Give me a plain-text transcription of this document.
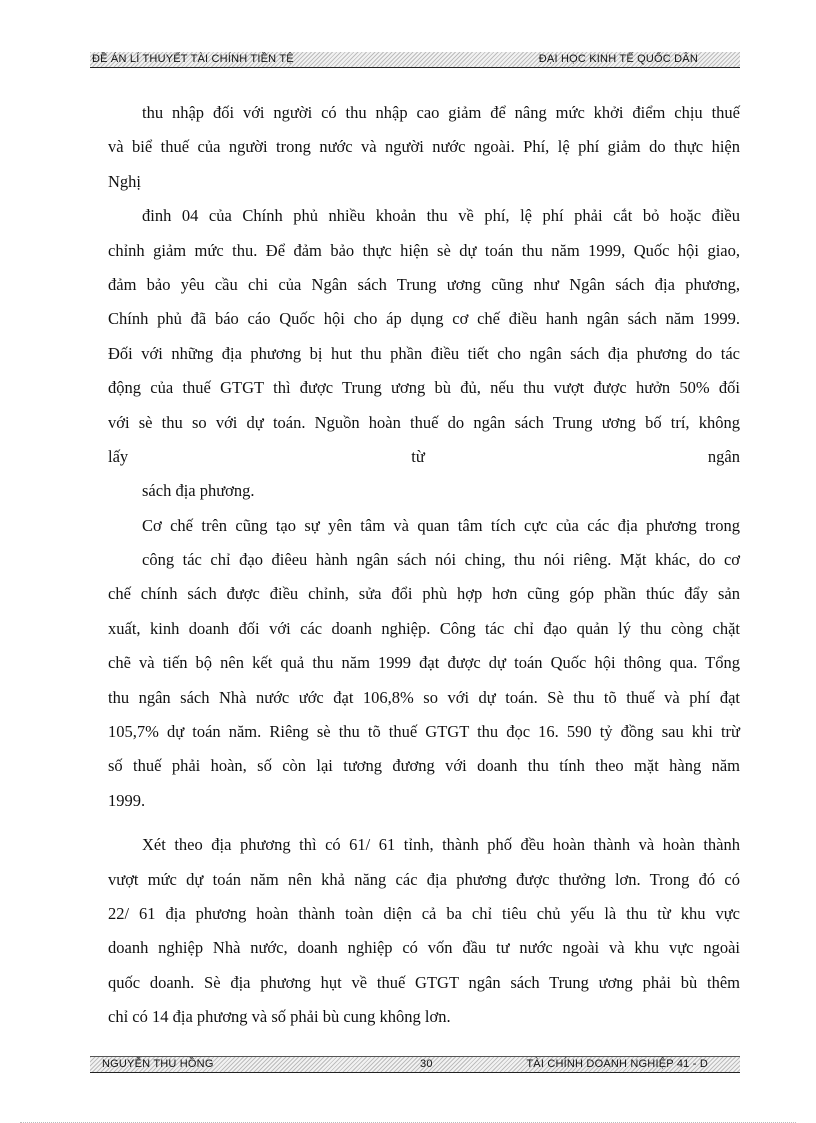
ĐỀ ÁN LÍ THUYẾT TÀI CHÍNH TIỀN TỆ	ĐẠI HỌC KINH TẾ QUỐC DÂN
thu nhập đối với người có thu nhập cao giảm để nâng mức khởi điểm chịu thuế
và biể thuế của người trong nước và người nước ngoài. Phí, lệ phí giảm do thực hiện
Nghị
đinh 04 của Chính phủ nhiều khoản thu về phí, lệ phí phải cắt bỏ hoặc điều
chỉnh giảm mức thu. Để đảm bảo thực hiện sè dự toán thu năm 1999, Quốc hội giao,
đảm bảo yêu cầu chi của Ngân sách Trung ương cũng như Ngân sách địa phương,
Chính phủ đã báo cáo Quốc hội cho áp dụng cơ chế điều hanh ngân sách năm 1999.
Đối với những địa phương bị hut thu phần điều tiết cho ngân sách địa phương do tác
động của thuế GTGT thì được Trung ương bù đủ, nếu thu vượt được hưởn 50% đối
với sè thu so với dự toán. Nguồn hoàn thuế do ngân sách Trung ương bố trí, không
lấy từ ngân
sách địa phương.
Cơ chế trên cũng tạo sự yên tâm và quan tâm tích cực của các địa phương trong
công tác chỉ đạo điêeu hành ngân sách nói ching, thu nói riêng. Mặt khác, do cơ
chế chính sách được điều chỉnh, sửa đổi phù hợp hơn cũng góp phần thúc đẩy sản
xuất, kinh doanh đối với các doanh nghiệp. Công tác chỉ đạo quản lý thu còng chặt
chẽ và tiến bộ nên kết quả thu năm 1999 đạt được dự toán Quốc hội thông qua. Tổng
thu ngân sách Nhà nước ước đạt 106,8% so với dự toán. Sè thu tõ thuế và phí đạt
105,7% dự toán năm. Riêng sè thu tõ thuế GTGT thu đọc 16. 590 tỷ đồng sau khi trừ
số thuế phải hoàn, số còn lại tương đương với doanh thu tính theo mặt hàng năm
1999.
Xét theo địa phương thì có 61/ 61 tỉnh, thành phố đều hoàn thành và hoàn thành
vượt mức dự toán năm nên khả năng các địa phương được thưởng lơn. Trong đó có
22/ 61 địa phương hoàn thành toàn diện cả ba chỉ tiêu chủ yếu là thu từ khu vực
doanh nghiệp Nhà nước, doanh nghiệp có vốn đầu tư nước ngoài và khu vực ngoài
quốc doanh. Sè địa phương hụt về thuế GTGT ngân sách Trung ương phải bù thêm
chỉ có 14 địa phương và số phải bù cung không lơn.
NGUYỄN THU HỒNG	30	TÀI CHÍNH DOANH NGHIỆP 41 - D
